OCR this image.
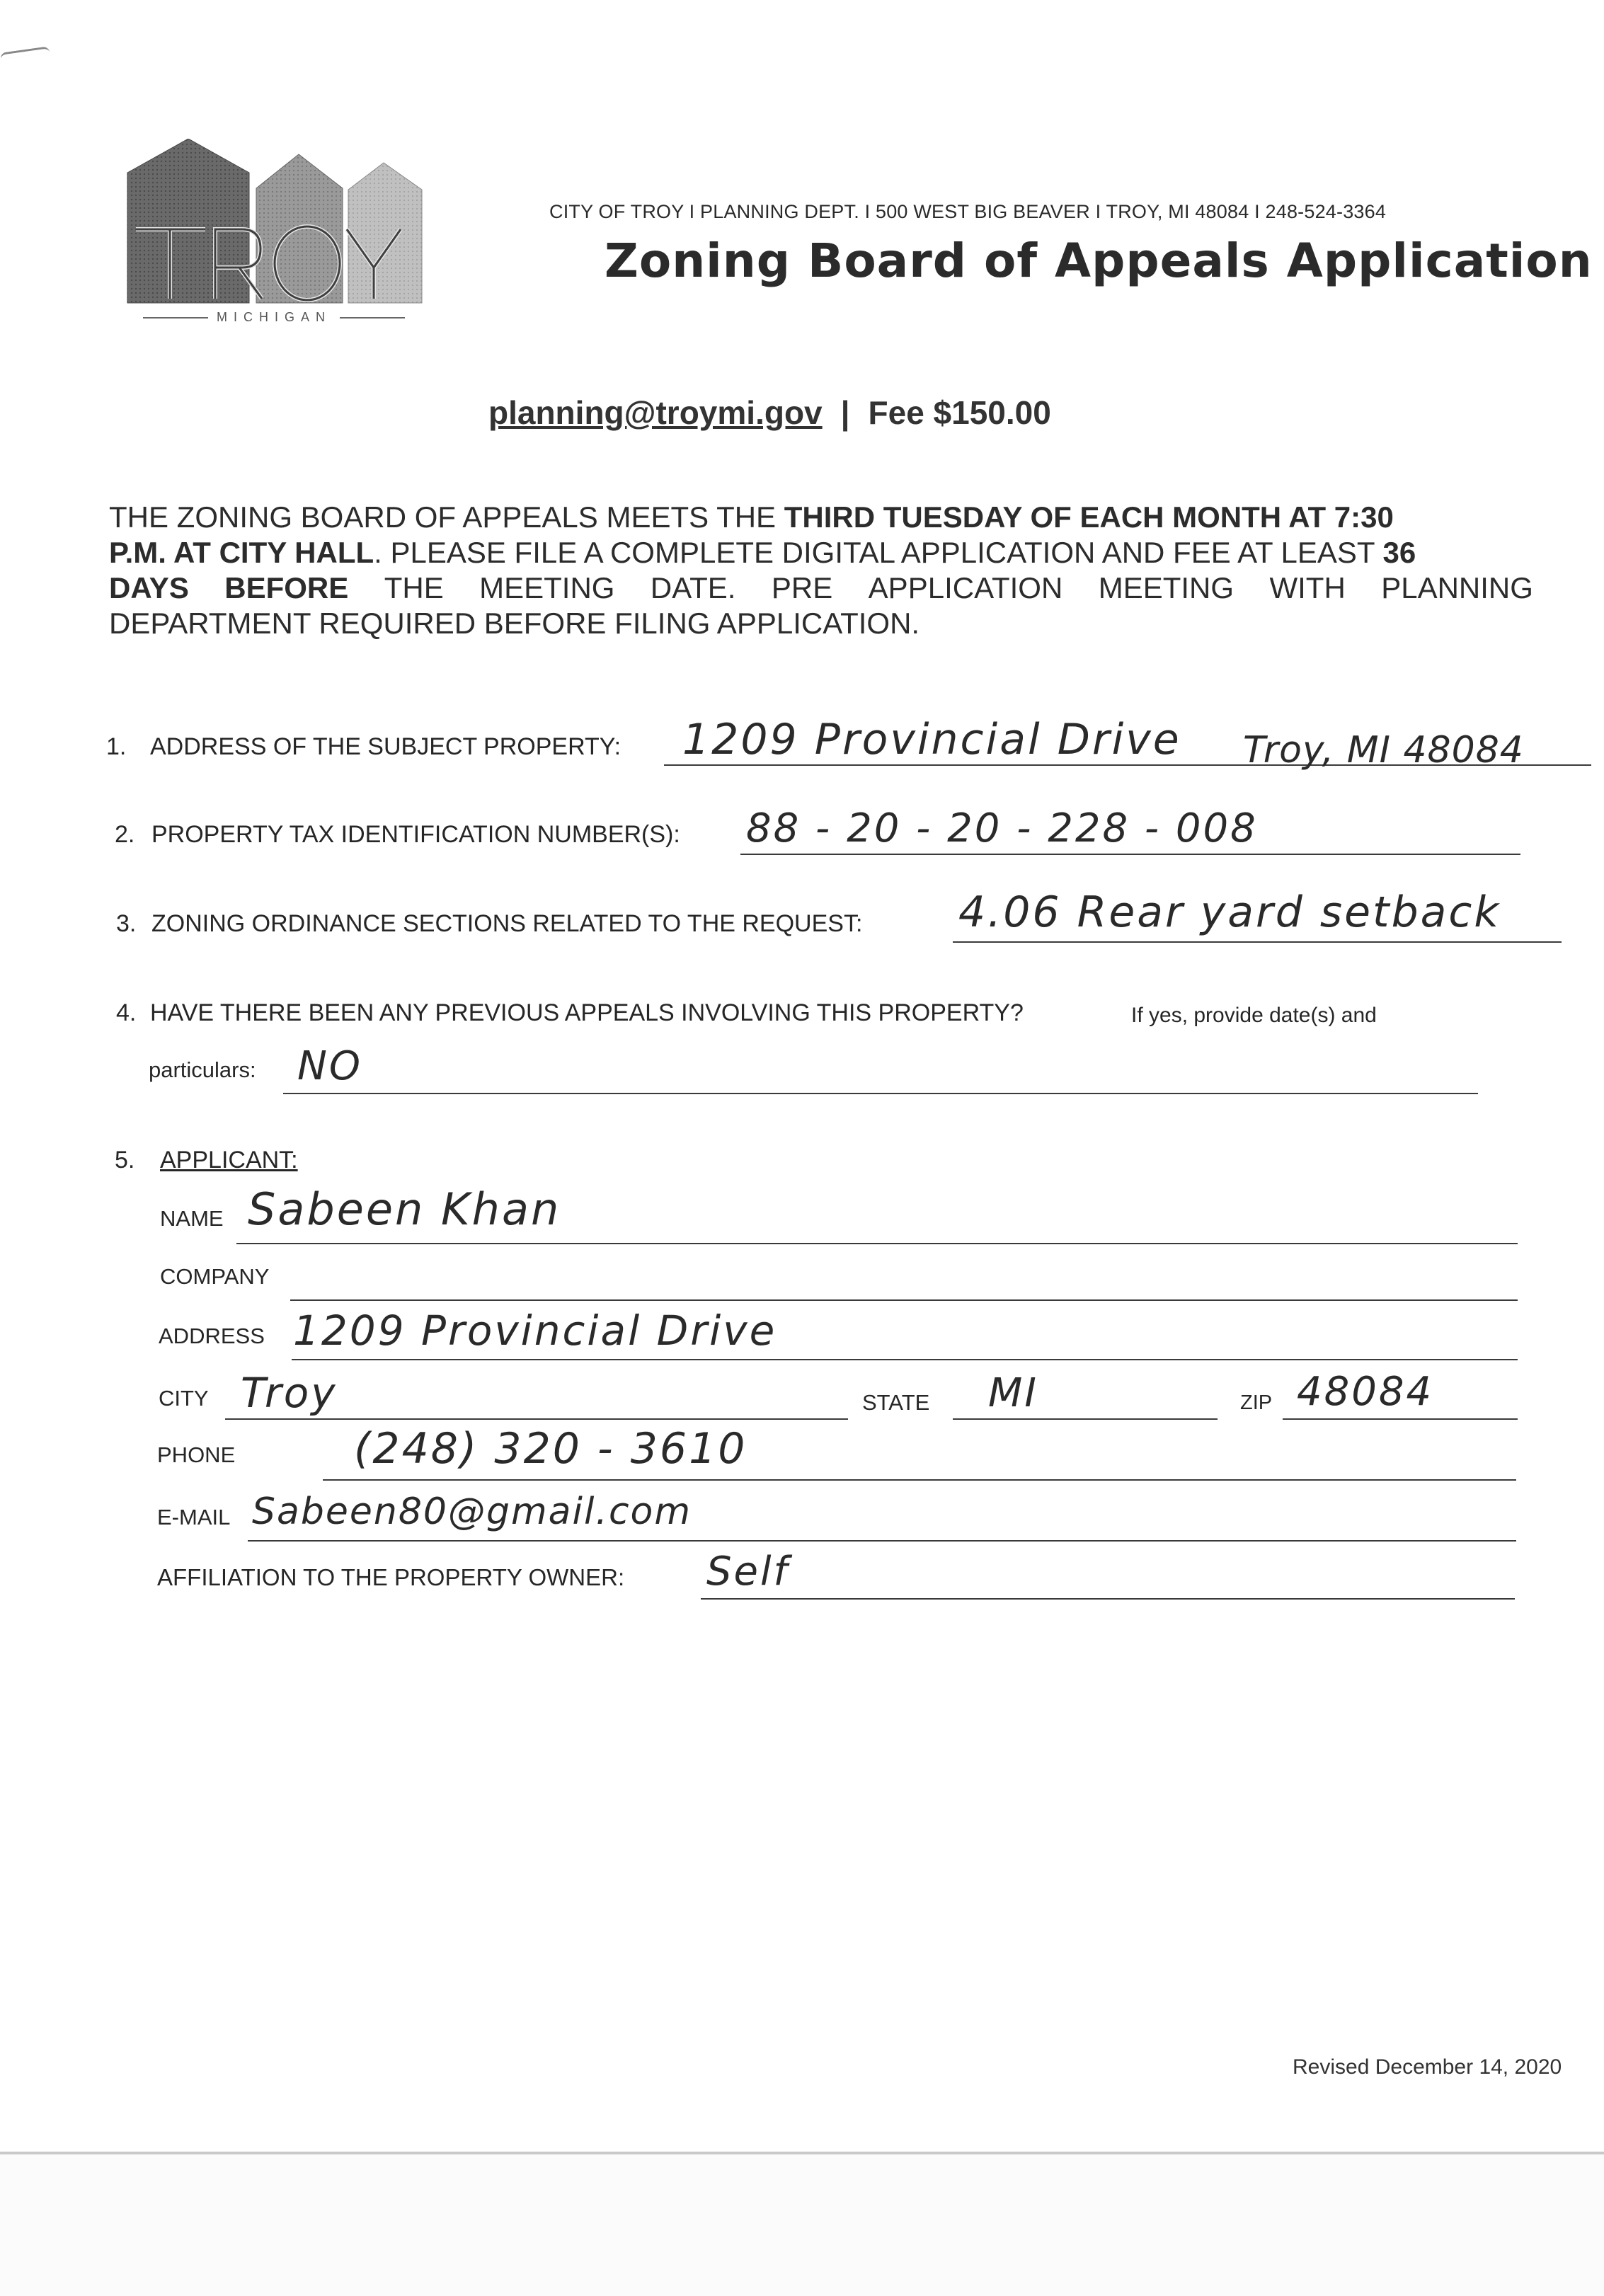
MICHIGAN
CITY OF TROY I PLANNING DEPT. I 500 WEST BIG BEAVER I TROY, MI 48084 I 248-524-3364
Zoning Board of Appeals Application
planning@troymi.gov | Fee $150.00

THE ZONING BOARD OF APPEALS MEETS THE THIRD TUESDAY OF EACH MONTH AT 7:30

P.M. AT CITY HALL. PLEASE FILE A COMPLETE DIGITAL APPLICATION AND FEE AT LEAST 36

DAYS BEFORE THE MEETING DATE. PRE APPLICATION MEETING WITH PLANNING

DEPARTMENT REQUIRED BEFORE FILING APPLICATION.

1. ADDRESS OF THE SUBJECT PROPERTY: 1209 Provincial Drive Troy, MI 48084
2. PROPERTY TAX IDENTIFICATION NUMBER(S): 88 - 20 - 20 - 228 - 008
3. ZONING ORDINANCE SECTIONS RELATED TO THE REQUEST: 4.06 Rear yard setback
4. HAVE THERE BEEN ANY PREVIOUS APPEALS INVOLVING THIS PROPERTY?	If yes, provide date(s) and
particulars: NO
5. APPLICANT:
NAME Sabeen Khan
COMPANY
ADDRESS 1209 Provincial Drive
CITY Troy	STATE MI	ZIP 48084
PHONE	(248) 320 - 3610
E-MAIL Sabeen80@gmail.com
AFFILIATION TO THE PROPERTY OWNER: Self
Revised December 14, 2020
